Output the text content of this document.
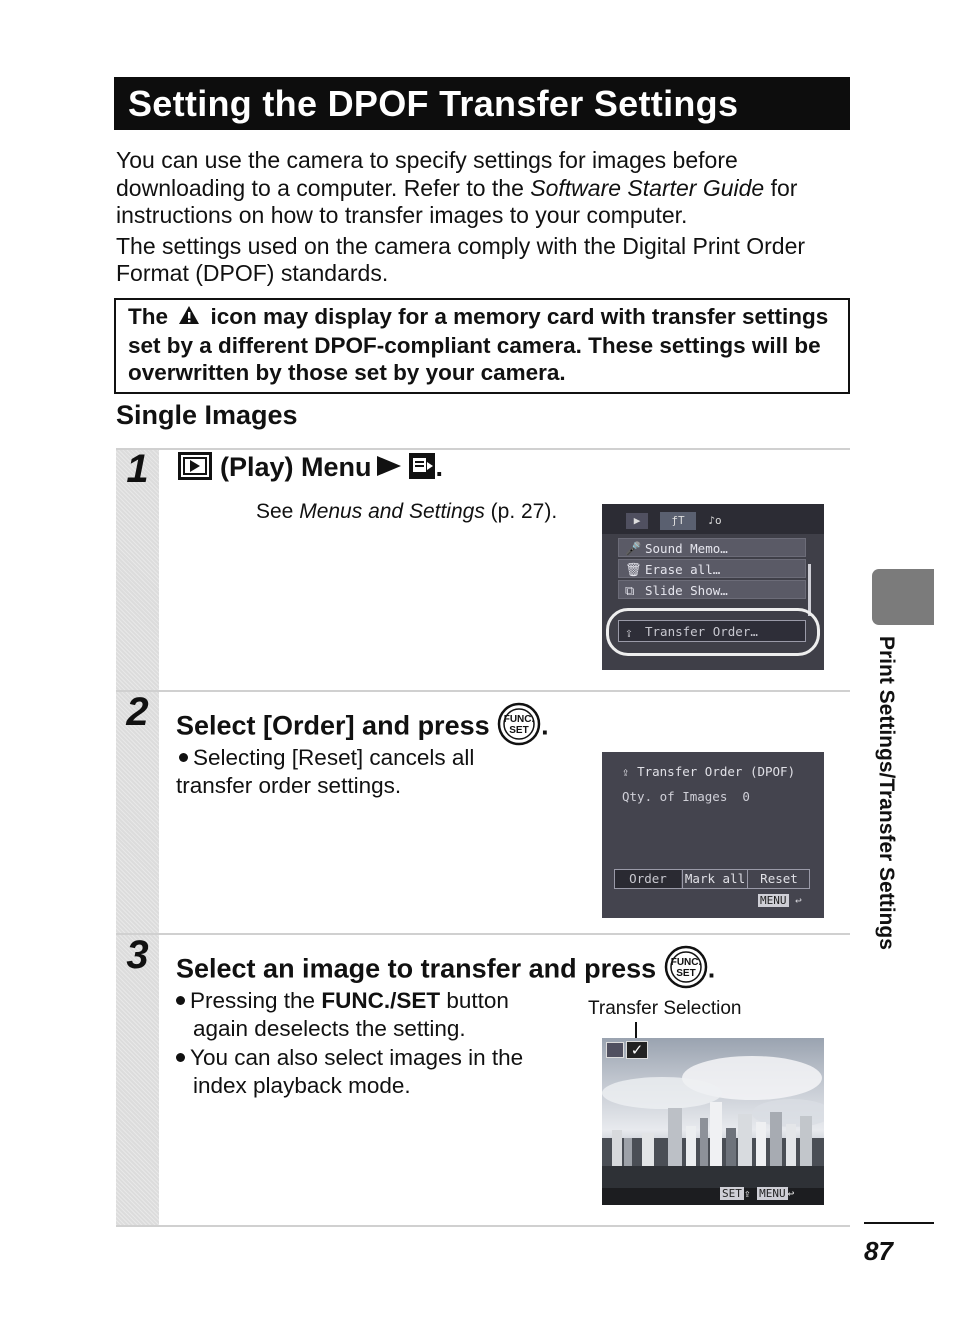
Setting the DPOF Transfer Settings

You can use the camera to specify settings for images before downloading to a computer. Refer to the Software Starter Guide for instructions on how to transfer images to your computer.

The settings used on the camera comply with the Digital Print Order Format (DPOF) standards.

The icon may display for a memory card with transfer settings set by a different DPOF-compliant camera. These settings will be overwritten by those set by your camera.
Single Images
1	(Play) Menu .
See Menus and Settings (p. 27).	▶	ƒT	♪o
🎤 Sound Memo…
🗑 Erase all…
⧉ Slide Show…
⇪ Transfer Order…
2	Select [Order] and press FUNC.
SET .
Selecting [Reset] cancels all transfer order settings.
⇪ Transfer Order (DPOF)
Qty. of Images 0
Order	Mark all	Reset
MENU ↩
3	Select an image to transfer and press FUNC.
SET .
Pressing the FUNC./SET button again deselects the setting.
You can also select images in the index playback mode.
Transfer Selection
✓
SET ⇪ MENU ↩
Print Settings/Transfer Settings
87
